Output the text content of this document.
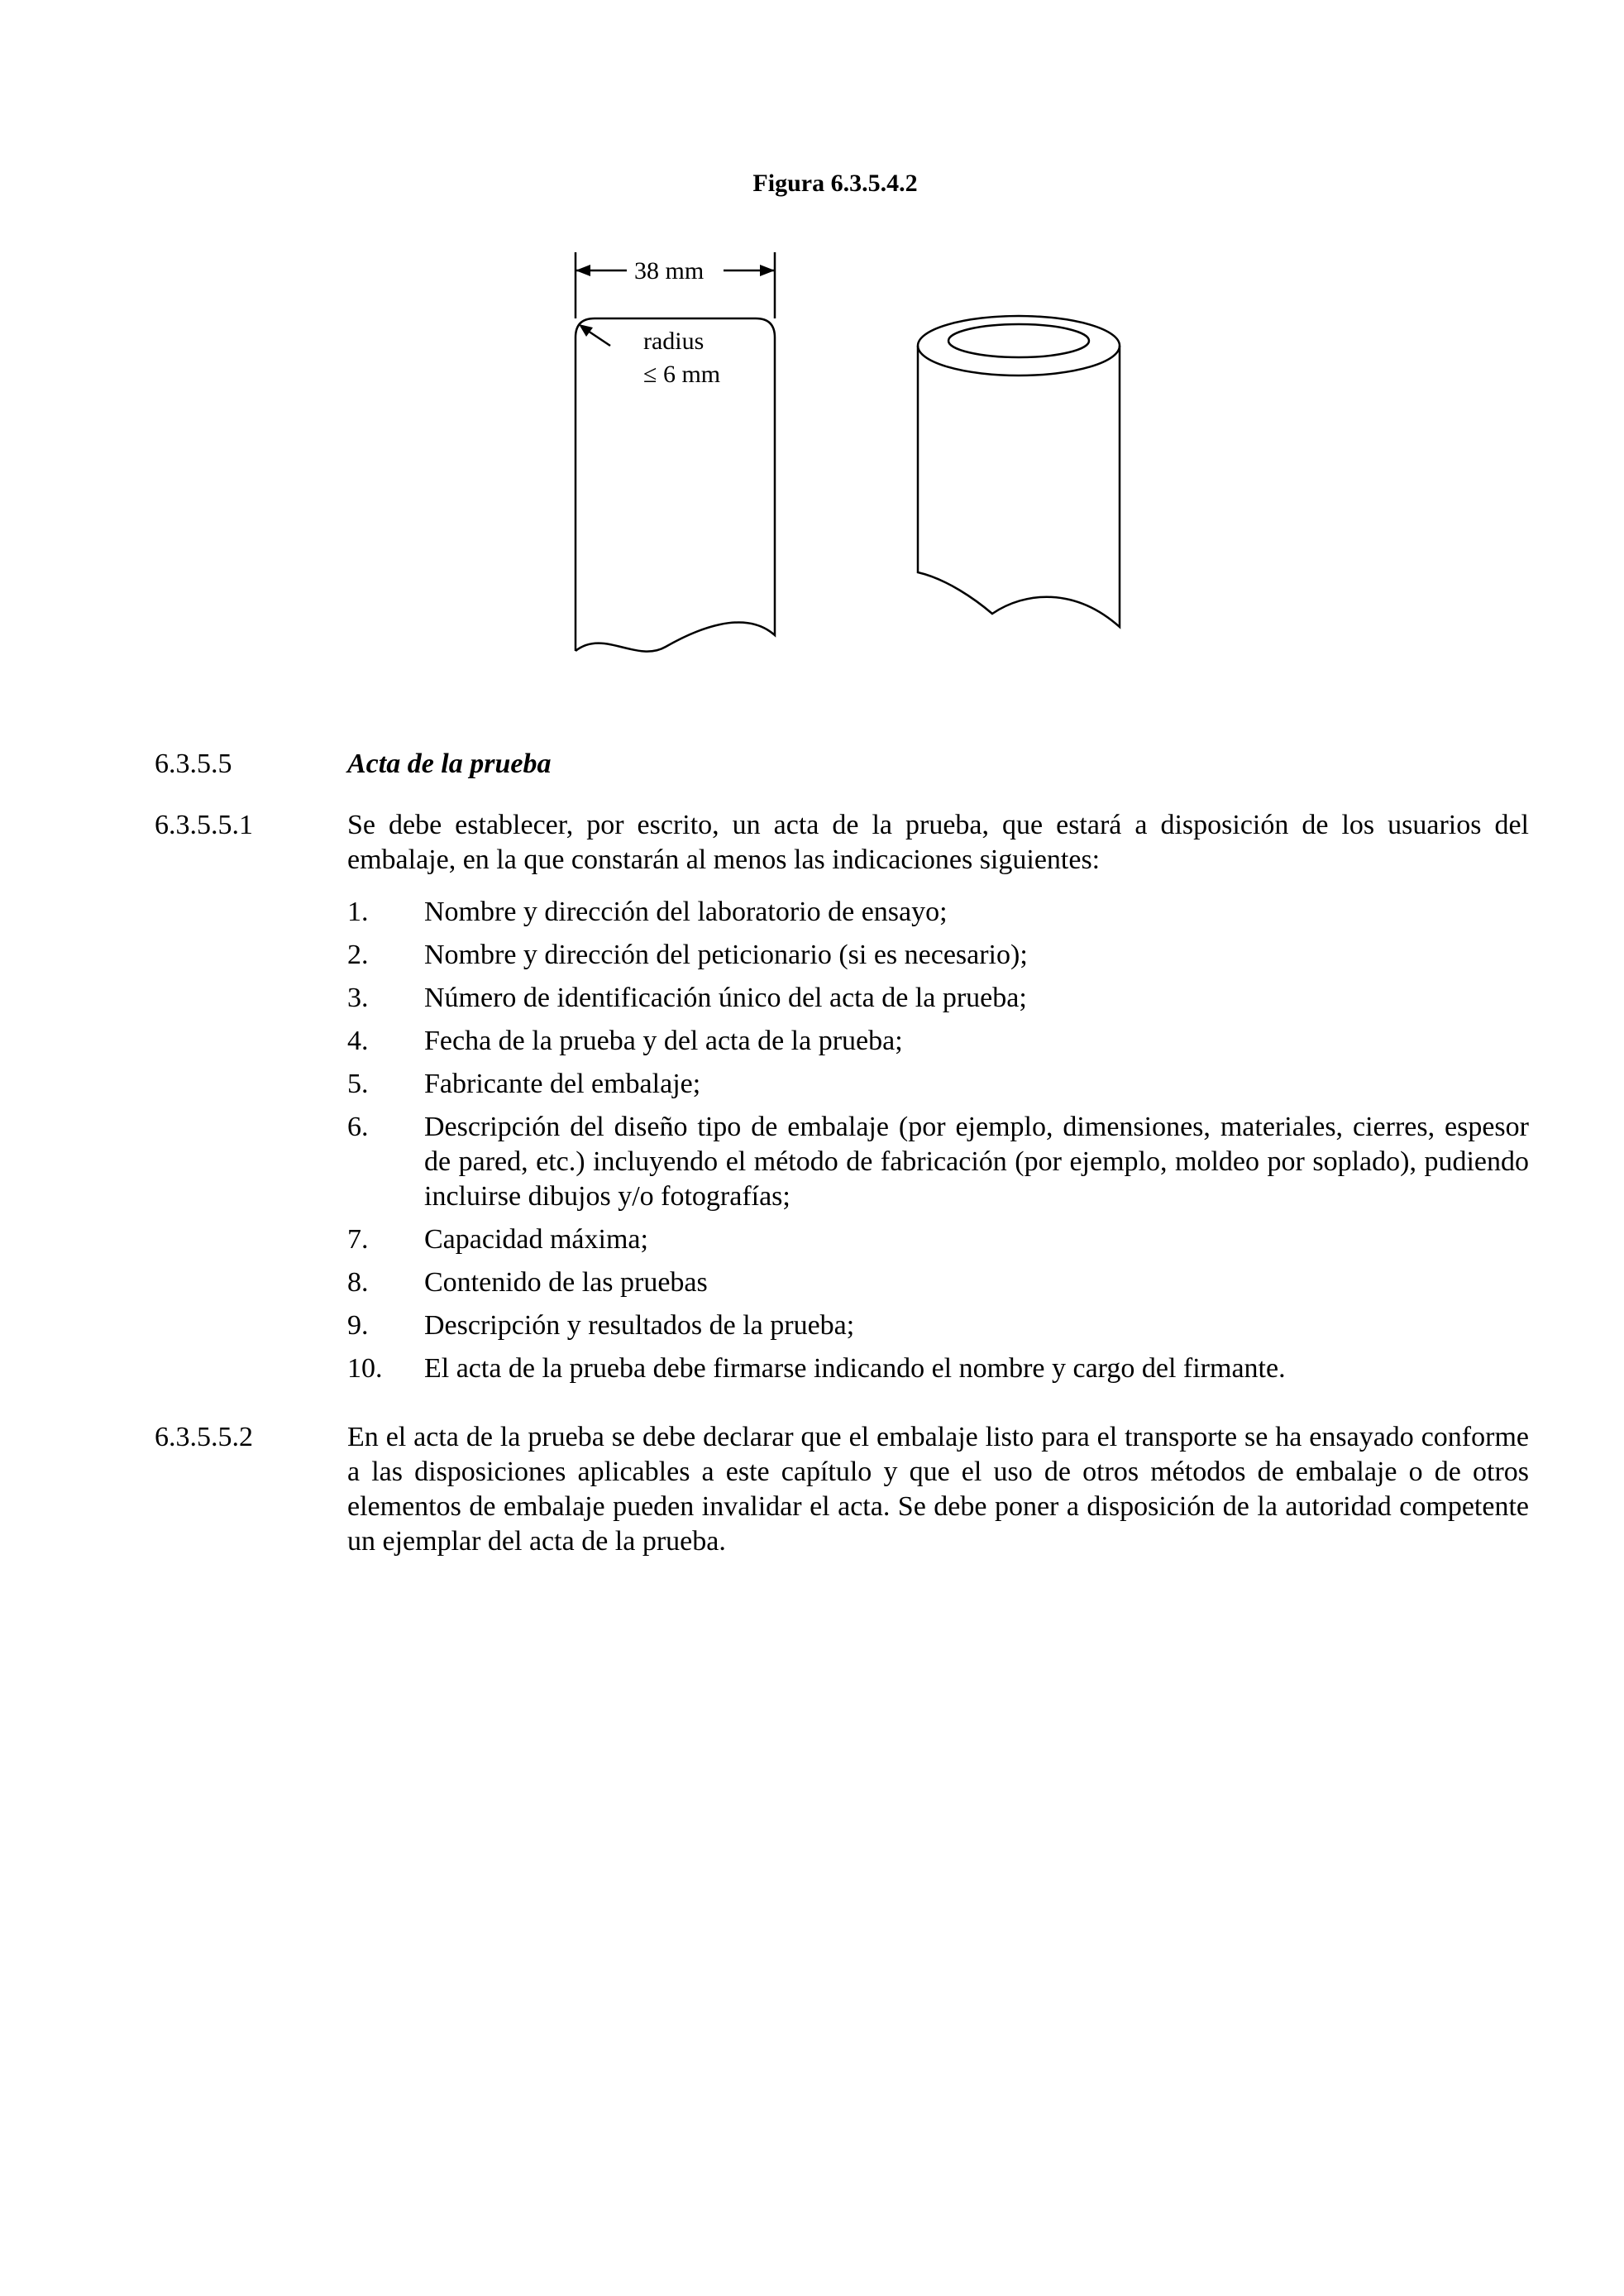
Figura 6.3.5.4.2
38 mm
radius
≤ 6 mm
6.3.5.5	Acta de la prueba
6.3.5.5.1	Se debe establecer, por escrito, un acta de la prueba, que estará a disposición de los usuarios del embalaje, en la que constarán al menos las indicaciones siguientes:
1. Nombre y dirección del laboratorio de ensayo;
2. Nombre y dirección del peticionario (si es necesario);
3. Número de identificación único del acta de la prueba;
4. Fecha de la prueba y del acta de la prueba;
5. Fabricante del embalaje;
6. Descripción del diseño tipo de embalaje (por ejemplo, dimensiones, materiales, cierres, espesor de pared, etc.) incluyendo el método de fabricación (por ejemplo, moldeo por soplado), pudiendo incluirse dibujos y/o fotografías;
7. Capacidad máxima;
8. Contenido de las pruebas
9. Descripción y resultados de la prueba;
10. El acta de la prueba debe firmarse indicando el nombre y cargo del firmante.
6.3.5.5.2	En el acta de la prueba se debe declarar que el embalaje listo para el transporte se ha ensayado conforme a las disposiciones aplicables a este capítulo y que el uso de otros métodos de embalaje o de otros elementos de embalaje pueden invalidar el acta. Se debe poner a disposición de la autoridad competente un ejemplar del acta de la prueba.
